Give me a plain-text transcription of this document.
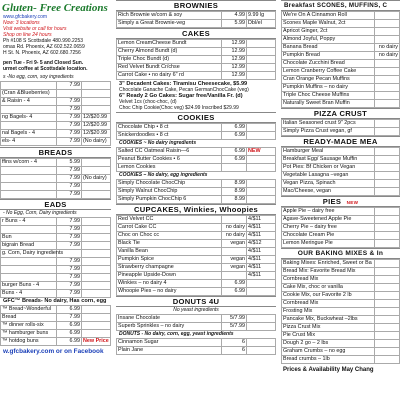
Gluten- Free Creations
www.gfcbakery.com
Now: 3 locations
Visit website or call for hours
Shop on line 24 hours
Ph #108 S Scottsdale 480.990.2253
omas Rd. Phoenix, AZ 602.522.0659
H St. N. Phoenix, AZ 602.680.7256
pen Tue - Fri 9- 5 and Closed Sun.
urmet coffee at Scottsdale location.
s -No egg, corn, soy ingredients
	7.99	
(Cran &Blueberries)		
& Raisin - 4	7.99	
	7.99	
ng Bagels- 4	7.99	12/$20.99
	7.99	12/$20.99
nal Bagels - 4	7.99	12/$20.99
els- 4	7.99	(No dairy)
BREADS
ffins w/corn - 4	5.99	
	7.99	
	7.99	(No dairy)
	7.99	
	7.99	
EADS
- No Egg, Corn, Dairy ingredients
r Buns - 4	7.99	
	7.99	
Bun	7.99	
bigrain Bread	7.99	
g. Corn, Dairy ingredients		
	7.99	
	7.99	
	7.99	
burger Buns - 4	7.99	
Buns - 4	7.99	
GFC™ Breads- No dairy, Has corn, egg
™ Bread~Wonderful	6.99	
Bread	7.99	
™ dinner rolls-six	6.99	
™ hamburger buns	6.99	
™ hotdog buns	6.99	New Price
w.gfcbakery.com or on Facebook
BROWNIES
Rich Brownie w/corn & soy	4.99	9.99 lg
Simply a Great Brownie-veg	5.99	Dbl/el
CAKES
Lemon CreamCheese Bundt	12.99	
Cherry Almond Bundt (d)	12.99	
Triple Choc Bundt (d)	12.99	
Red Velvet Bundt Cr/chse	12.99	
Carrot Cake • no dairy 6" rd	12.99	
3" Decadent Cakes: Tiramisu Cheesecake, $5.99
Chocolate Ganache Cake, Pecan GermanChocCake (veg)
6" Ready 2 Go Cakes: Sugar free/Vanilla Fr. (d)
Velvet 1cs (choc-choc, (d)
Choc Chip Cookie(Choc veg) $24.99 Inscribed $29.99
COOKIES
Chocolate Chip • 8 ct	6.99	
Snickerdoodles • 8 ct	6.99	
COOKIES ~ No dairy ingredients
Salted CC Oatmeal Raisin—6	6.99	NEW
Peanut Butter Cookies • 6	6.99	
Lemon Cookies		
COOKIES – No dairy, egg ingredients
Simply Chocolate ChocChip	8.99	
Simply Walnut ChocChip	8.99	
Simply Pumpkin ChocChip 6	8.99	
CUPCAKES, Winkies, Whoopies
Red Velvet CC		4/$11
Carrot Cake CC	no dairy	4/$11
Choc on Choc cc	no dairy	4/$11
Black Tie	vegan	4/$12
Vanilla Bean		4/$11
Pumpkin Spice	vegan	4/$11
Strawberry champagne	vegan	4/$11
Pineapple Upside-Down		4/$11
Winkies – no dairy 4	6.99	
Whoopie Pies – no dairy	6.99	
DONUTS 4U
No yeast ingredients
Insane Chocolate	5/7.99	
Superb Sprinkles – no dairy	5/7.99	
DONUTS - No dairy, corn, egg, yeast ingredients
Cinnamon Sugar	6	
Plain Jane	6	
Breakfast SCONES, MUFFINS, C
We're On A Cinnamon Roll	
Scones Maple Walnut, 2ct	
Apricot Ginger, 2ct	
Almond Joyful, Poppy	
Banana Bread	no dairy
Pumpkin Bread	no dairy
Chocolate Zucchini Bread	
Lemon Cranberry Coffee Cake	
Cran Orange Pecan Muffins	
Pumpkin Muffins – no dairy	
Triple Choc Cheese Muffins	
Naturally Sweet Bran Muffin	
PIZZA CRUST
Italian Seasoned crust 9" 2pcs	
Simply Pizza Crust vegan, gf	
READY-MADE MEA
Hamburger Meal	
Breakfast Egg/ Sausage Muffin	
Pot Pies: Bf Chicken or Vegan	
Vegetable Lasagna –vegan	
Vegan Pizza, Spinach	
Mac/Cheese, vegan	
PIES NEW
Apple Pie – dairy free	
Agave-Sweetened Apple Pie	
Cherry Pie – dairy free	
Chocolate Cream Pie	
Lemon Meringue Pie	
OUR BAKING MIXES & In
Baking Mixes: Enriched, Sweet or Ba	
Bread Mix: Favorite Bread Mix	
Cornbread Mix	
Cake Mix, choc or vanilla	
Cookie Mix, our Favorite 2 lb	
Cornbread Mix	
Frosting Mix	
Pancake Mix, Buckwheat –2lbs	
Pizza Crust Mix	
Pie Crust Mix	
Dough 2 go – 2 lbs	
Graham Crumbs – no egg	
Bread crumbs – 1lb	
Prices & Availability May Chang
